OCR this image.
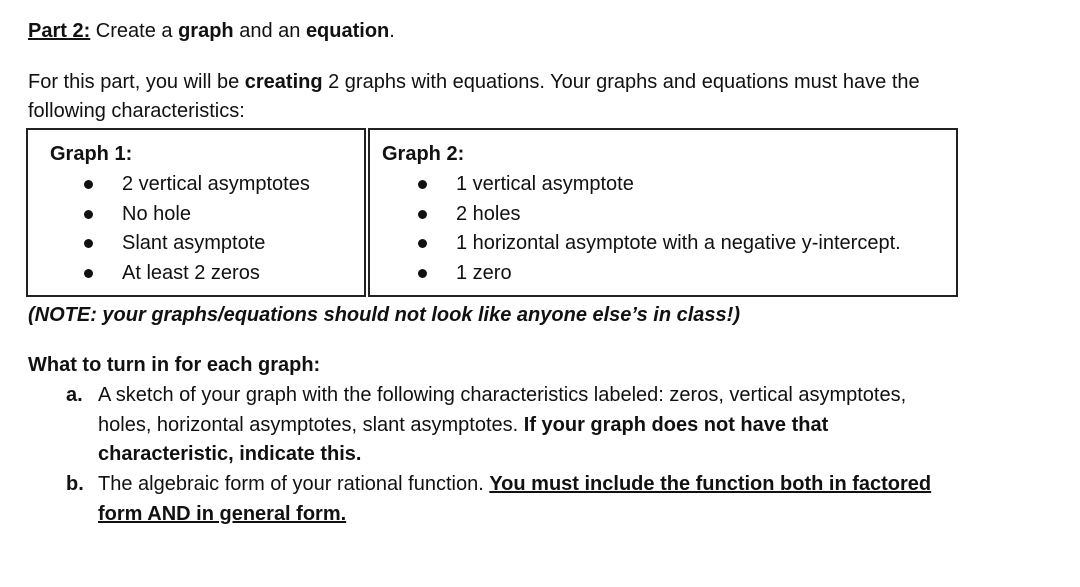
Part 2: Create a graph and an equation.
For this part, you will be creating 2 graphs with equations. Your graphs and equations must have the
following characteristics:
Graph 1:
2 vertical asymptotes
No hole
Slant asymptote
At least 2 zeros
Graph 2:
1 vertical asymptote
2 holes
1 horizontal asymptote with a negative y-intercept.
1 zero
(NOTE: your graphs/equations should not look like anyone else’s in class!)
What to turn in for each graph:
a. A sketch of your graph with the following characteristics labeled: zeros, vertical asymptotes,
holes, horizontal asymptotes, slant asymptotes. If your graph does not have that
characteristic, indicate this.
b. The algebraic form of your rational function. You must include the function both in factored
form AND in general form.
